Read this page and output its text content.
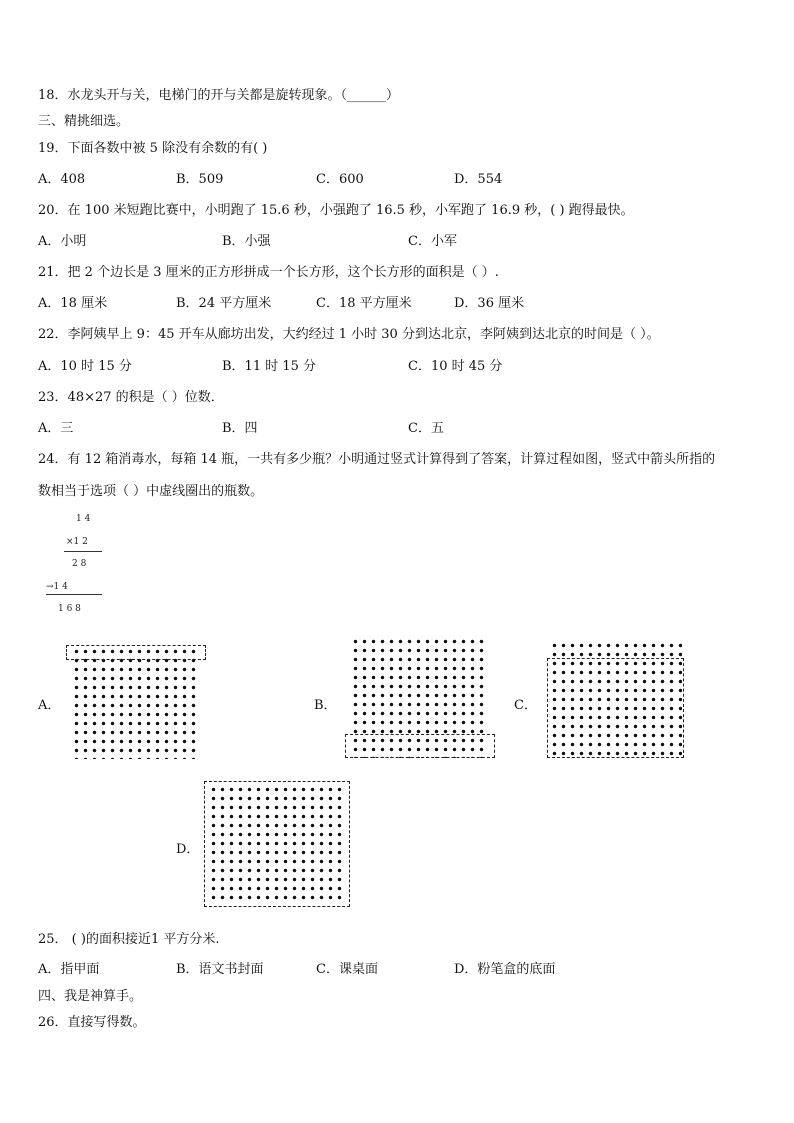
18．水龙头开与关，电梯门的开与关都是旋转现象。（______）
三、精挑细选。
19．下面各数中被 5 除没有余数的有( )
A．408	B．509	C．600	D．554
20．在 100 米短跑比赛中，小明跑了 15.6 秒，小强跑了 16.5 秒，小军跑了 16.9 秒，( ) 跑得最快。
A．小明	B．小强	C．小军
21．把 2 个边长是 3 厘米的正方形拼成一个长方形，这个长方形的面积是（ ）.
A．18 厘米	B．24 平方厘米	C．18 平方厘米	D．36 厘米
22．李阿姨早上 9：45 开车从廊坊出发，大约经过 1 小时 30 分到达北京，李阿姨到达北京的时间是（ ）。
A．10 时 15 分	B．11 时 15 分	C．10 时 45 分
23．48×27 的积是（ ）位数．
A．三	B．四	C．五
24．有 12 箱消毒水，每箱 14 瓶，一共有多少瓶？小明通过竖式计算得到了答案，计算过程如图，竖式中箭头所指的
数相当于选项（ ）中虚线圈出的瓶数。
1 4
×1 2
2 8
→1 4
1 6 8
A．	B．	C．
D．
25． ( )的面积接近1 平方分米.
A．指甲面	B．语文书封面	C．课桌面	D．粉笔盒的底面
四、我是神算手。
26．直接写得数。
